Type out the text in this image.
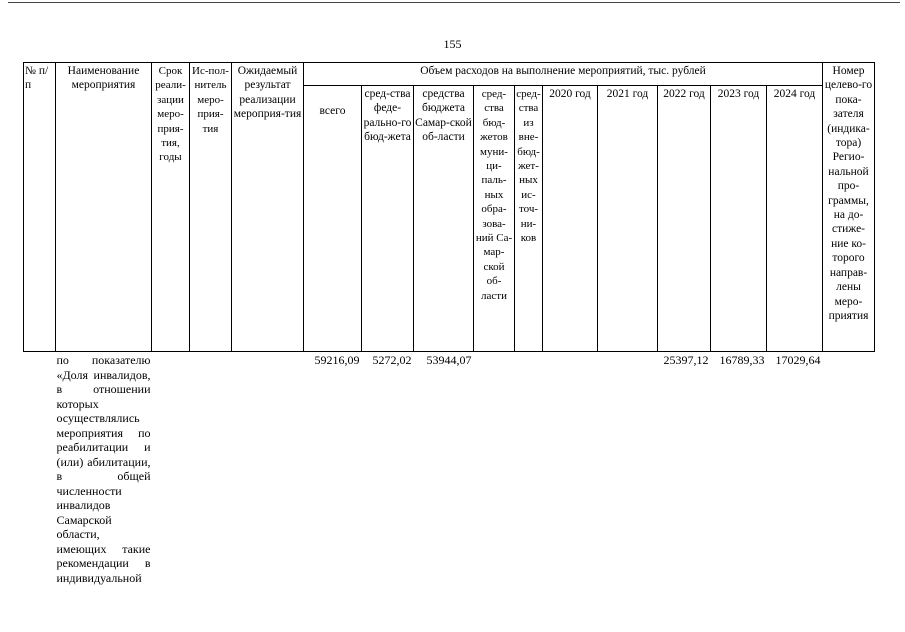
155
№ п/п	Наименование мероприятия	Срок реали-зации меро-прия-тия, годы	Ис-пол-нитель меро-прия-тия	Ожидаемый результат реализации мероприя-тия	Объем расходов на выполнение мероприятий, тыс. рублей										Номер целево-го пока-зателя (индика-тора) Регио-нальной про-граммы, на до-стиже-ние ко-торого направ-лены меро-приятия
					всего	сред-ства феде-рально-го бюд-жета	средства бюджета Самар-ской об-ласти	сред-ства бюд-жетов муни-ци-паль-ных обра-зова-ний Са-мар-ской об-ласти	сред-ства из вне-бюд-жет-ных ис-точ-ни-ков	2020 год	2021 год	2022 год	2023 год	2024 год	
	по показателю «Доля инвалидов, в отношении которых осуществлялись мероприятия по реабилитации и (или) абилитации, в общей численности инвалидов Самарской области, имеющих такие рекомендации в индивидуальной				59216,09	5272,02	53944,07					25397,12	16789,33	17029,64	
